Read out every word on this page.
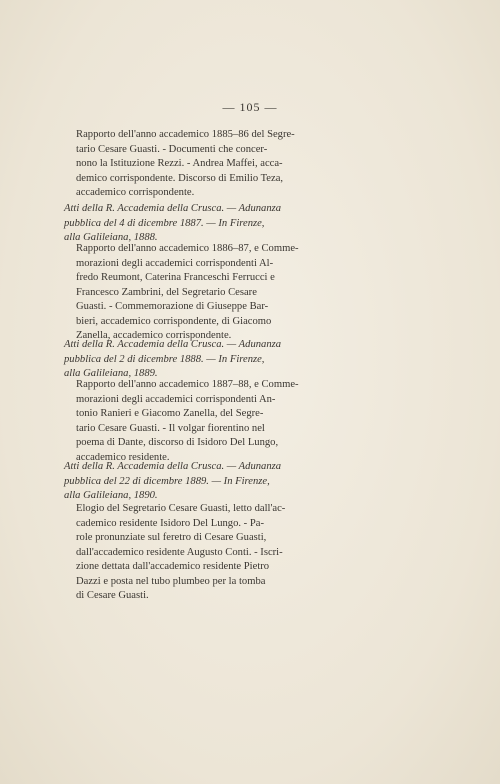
— 105 —
Rapporto dell'anno accademico 1885–86 del Segre-
tario Cesare Guasti. - Documenti che concer-
nono la Istituzione Rezzi. - Andrea Maffei, acca-
demico corrispondente. Discorso di Emilio Teza,
accademico corrispondente.
Atti della R. Accademia della Crusca. — Adunanza
pubblica del 4 di dicembre 1887. — In Firenze,
alla Galileiana, 1888.
Rapporto dell'anno accademico 1886–87, e Comme-
morazioni degli accademici corrispondenti Al-
fredo Reumont, Caterina Franceschi Ferrucci e
Francesco Zambrini, del Segretario Cesare
Guasti. - Commemorazione di Giuseppe Bar-
bieri, accademico corrispondente, di Giacomo
Zanella, accademico corrispondente.
Atti della R. Accademia della Crusca. — Adunanza
pubblica del 2 di dicembre 1888. — In Firenze,
alla Galileiana, 1889.
Rapporto dell'anno accademico 1887–88, e Comme-
morazioni degli accademici corrispondenti An-
tonio Ranieri e Giacomo Zanella, del Segre-
tario Cesare Guasti. - Il volgar fiorentino nel
poema di Dante, discorso di Isidoro Del Lungo,
accademico residente.
Atti della R. Accademia della Crusca. — Adunanza
pubblica del 22 di dicembre 1889. — In Firenze,
alla Galileiana, 1890.
Elogio del Segretario Cesare Guasti, letto dall'ac-
cademico residente Isidoro Del Lungo. - Pa-
role pronunziate sul feretro di Cesare Guasti,
dall'accademico residente Augusto Conti. - Iscri-
zione dettata dall'accademico residente Pietro
Dazzi e posta nel tubo plumbeo per la tomba
di Cesare Guasti.
